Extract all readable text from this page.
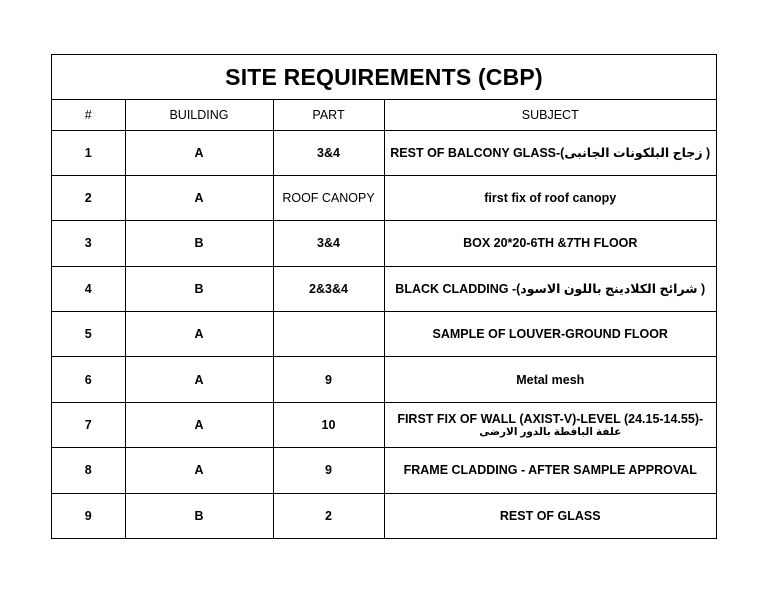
SITE REQUIREMENTS (CBP)
#	BUILDING	PART	SUBJECT
1	A	3&4	REST OF BALCONY GLASS-(زجاج البلكونات الجانبى )
2	A	ROOF CANOPY	first fix of roof canopy
3	B	3&4	BOX 20*20-6TH &7TH FLOOR
4	B	2&3&4	BLACK CLADDING -(شرائح الكلادينج باللون الاسود )
5	A		SAMPLE OF LOUVER-GROUND FLOOR
6	A	9	Metal mesh
7	A	10	FIRST FIX OF WALL (AXIST-V)-LEVEL (24.15-14.55)-
علفة البافطة بالدور الارضى

8	A	9	FRAME CLADDING - AFTER SAMPLE APPROVAL
9	B	2	REST OF GLASS
